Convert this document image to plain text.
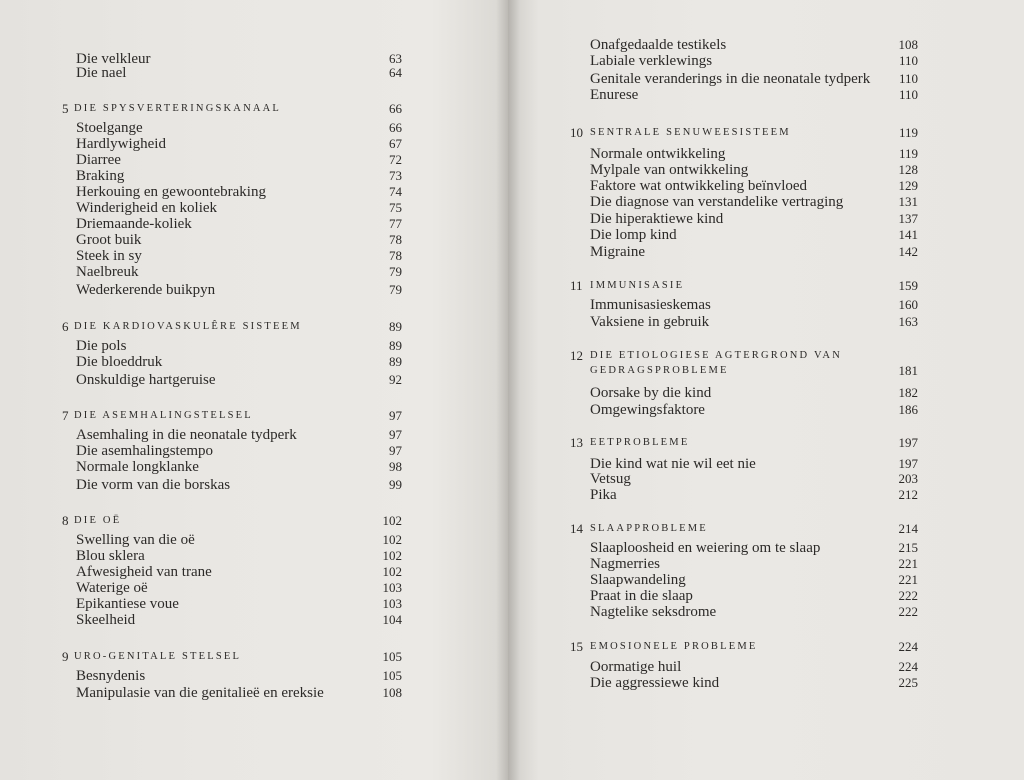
Die velkleur	63
Die nael	64
5 DIE SPYSVERTERINGSKANAAL	66
Stoelgange	66
Hardlywigheid	67
Diarree	72
Braking	73
Herkouing en gewoontebraking	74
Winderigheid en koliek	75
Driemaande-koliek	77
Groot buik	78
Steek in sy	78
Naelbreuk	79
Wederkerende buikpyn	79
6 DIE KARDIOVASKULÊRE SISTEEM	89
Die pols	89
Die bloeddruk	89
Onskuldige hartgeruise	92
7 DIE ASEMHALINGSTELSEL	97
Asemhaling in die neonatale tydperk	97
Die asemhalingstempo	97
Normale longklanke	98
Die vorm van die borskas	99
8 DIE OË	102
Swelling van die oë	102
Blou sklera	102
Afwesigheid van trane	102
Waterige oë	103
Epikantiese voue	103
Skeelheid	104
9 URO-GENITALE STELSEL	105
Besnydenis	105
Manipulasie van die genitalieë en ereksie	108
Onafgedaalde testikels	108
Labiale verklewings	110
Genitale veranderings in die neonatale tydperk 110
Enurese	110
10 SENTRALE SENUWEESISTEEM	119
Normale ontwikkeling	119
Mylpale van ontwikkeling	128
Faktore wat ontwikkeling beïnvloed	129
Die diagnose van verstandelike vertraging	131
Die hiperaktiewe kind	137
Die lomp kind	141
Migraine	142
11 IMMUNISASIE	159
Immunisasieskemas	160
Vaksiene in gebruik	163
12 DIE ETIOLOGIESE AGTERGROND VAN
GEDRAGSPROBLEME	181
Oorsake by die kind	182
Omgewingsfaktore	186
13 EETPROBLEME	197
Die kind wat nie wil eet nie	197
Vetsug	203
Pika	212
14 SLAAPPROBLEME	214
Slaaploosheid en weiering om te slaap	215
Nagmerries	221
Slaapwandeling	221
Praat in die slaap	222
Nagtelike seksdrome	222
15 EMOSIONELE PROBLEME	224
Oormatige huil	224
Die aggressiewe kind	225
